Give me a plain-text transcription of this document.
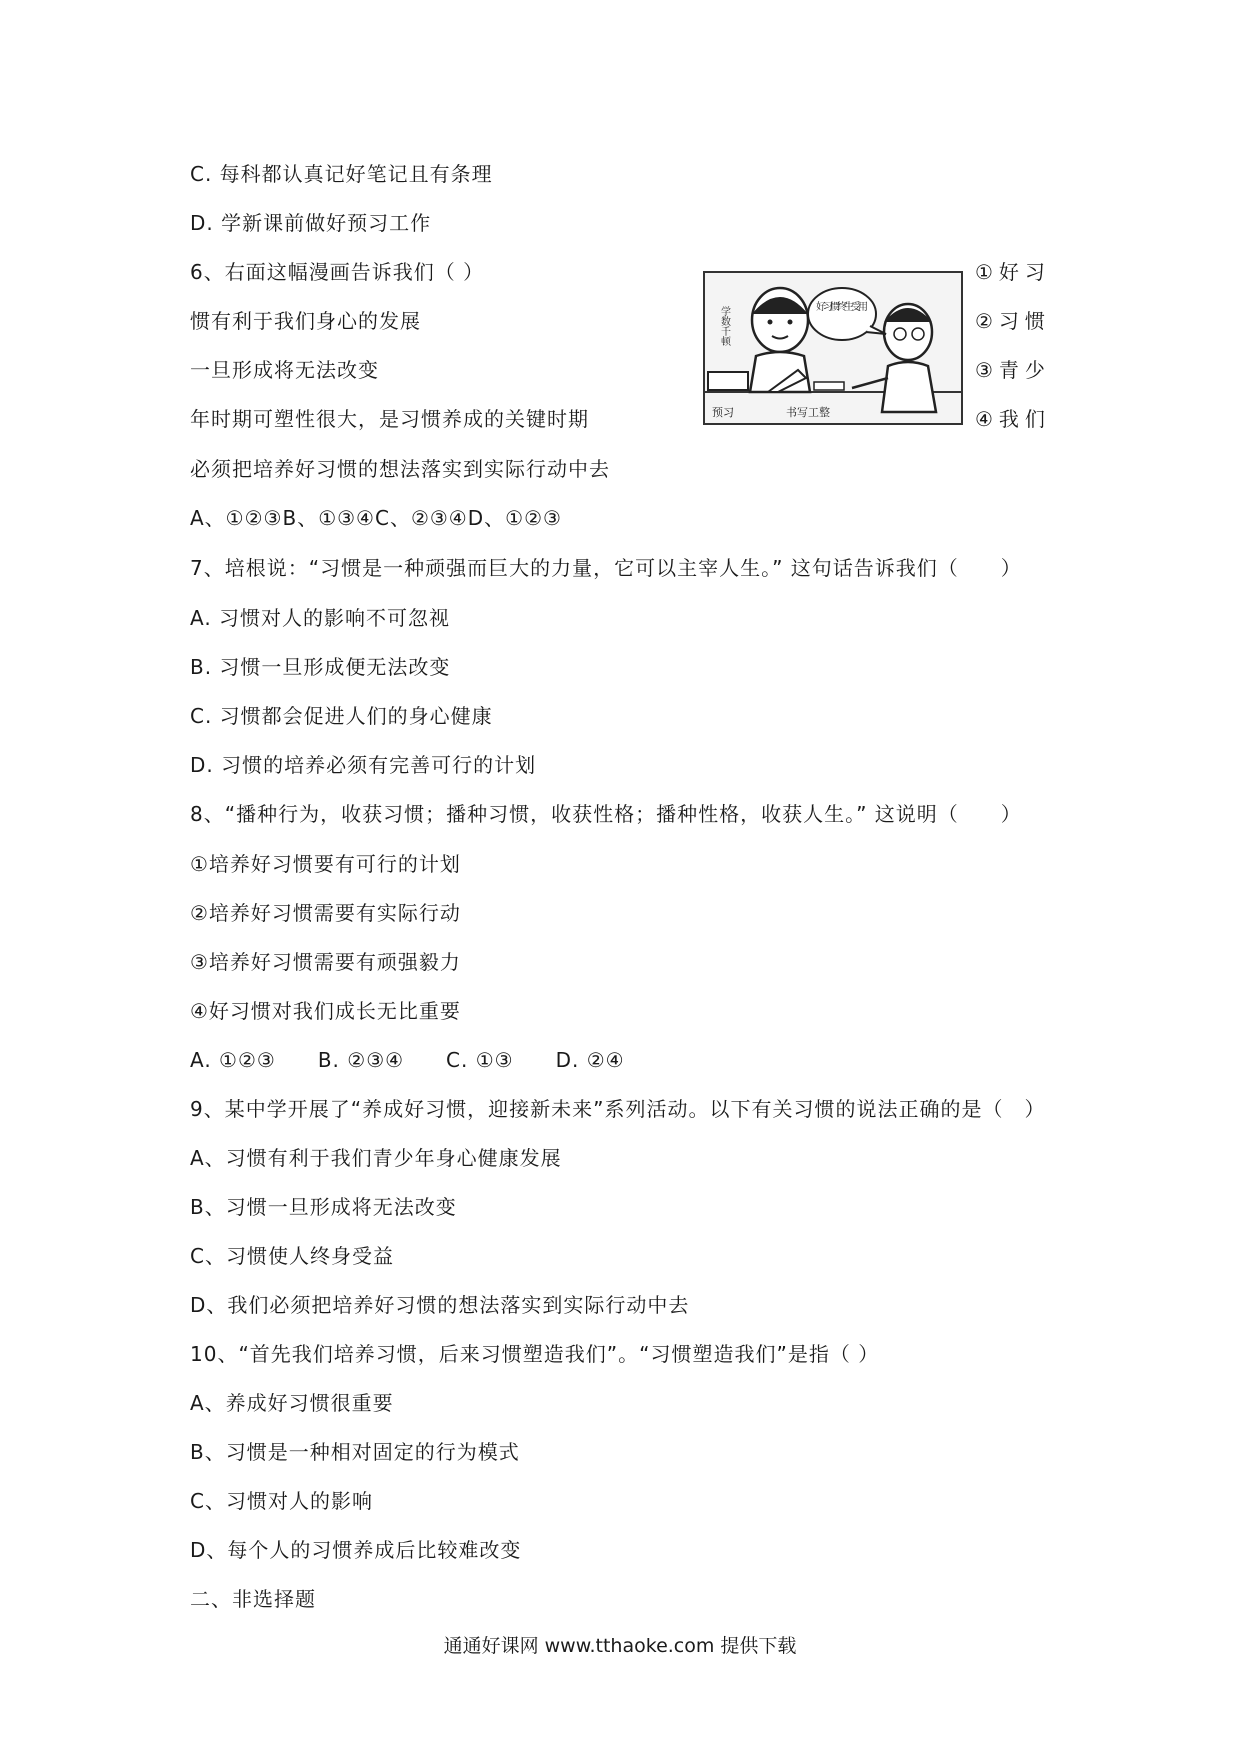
C. 每科都认真记好笔记且有条理
D. 学新课前做好预习工作
6、右面这幅漫画告诉我们（ ）
惯有利于我们身心的发展
一旦形成将无法改变
年时期可塑性很大，是习惯养成的关键时期
必须把培养好习惯的想法落实到实际行动中去
A、①②③B、①③④C、②③④D、①②③
7、培根说：“习惯是一种顽强而巨大的力量，它可以主宰人生。” 这句话告诉我们（　　）
A. 习惯对人的影响不可忽视
B. 习惯一旦形成便无法改变
C. 习惯都会促进人们的身心健康
D. 习惯的培养必须有完善可行的计划
8、“播种行为，收获习惯；播种习惯，收获性格；播种性格，收获人生。” 这说明（　　）
①培养好习惯要有可行的计划
②培养好习惯需要有实际行动
③培养好习惯需要有顽强毅力
④好习惯对我们成长无比重要
A. ①②③　　B. ②③④　　C. ①③　　D. ②④
9、某中学开展了“养成好习惯，迎接新未来”系列活动。以下有关习惯的说法正确的是（　）
A、习惯有利于我们青少年身心健康发展
B、习惯一旦形成将无法改变
C、习惯使人终身受益
D、我们必须把培养好习惯的想法落实到实际行动中去
10、“首先我们培养习惯，后来习惯塑造我们”。“习惯塑造我们”是指（ ）
A、养成好习惯很重要
B、习惯是一种相对固定的行为模式
C、习惯对人的影响
D、每个人的习惯养成后比较难改变
二、非选择题
①好习
②习惯
③青少
④我们
学数千顿	好习惯终生受用
预习	书写工整
通通好课网 www.tthaoke.com 提供下载
